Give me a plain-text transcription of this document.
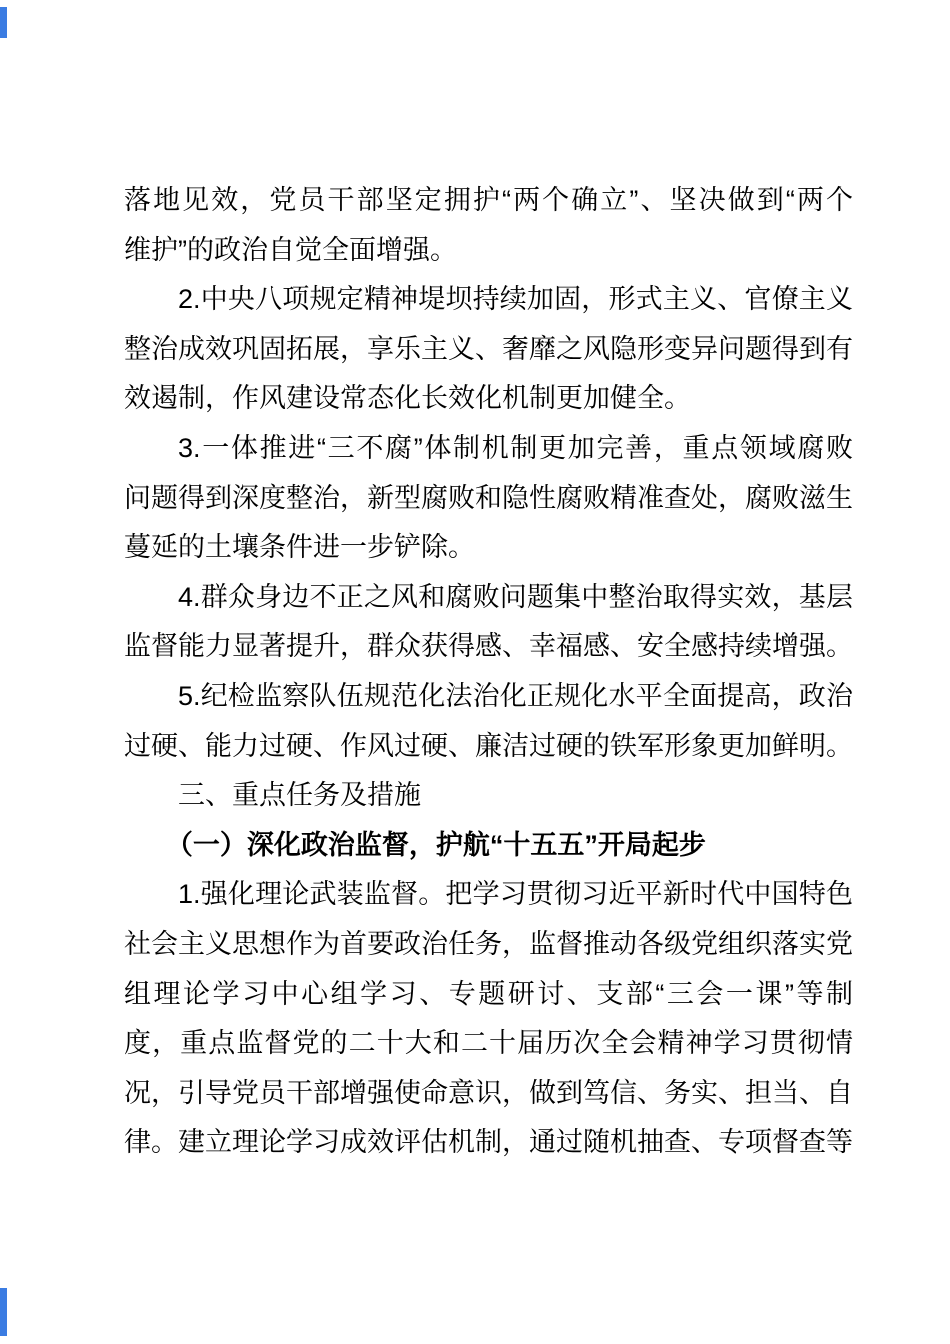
落地见效，党员干部坚定拥护“两个确立”、坚决做到“两个
维护”的政治自觉全面增强。
2.中央八项规定精神堤坝持续加固，形式主义、官僚主义
整治成效巩固拓展，享乐主义、奢靡之风隐形变异问题得到有
效遏制，作风建设常态化长效化机制更加健全。
3.一体推进“三不腐”体制机制更加完善，重点领域腐败
问题得到深度整治，新型腐败和隐性腐败精准查处，腐败滋生
蔓延的土壤条件进一步铲除。
4.群众身边不正之风和腐败问题集中整治取得实效，基层
监督能力显著提升，群众获得感、幸福感、安全感持续增强。
5.纪检监察队伍规范化法治化正规化水平全面提高，政治
过硬、能力过硬、作风过硬、廉洁过硬的铁军形象更加鲜明。
三、重点任务及措施
（一）深化政治监督，护航“十五五”开局起步
1.强化理论武装监督。把学习贯彻习近平新时代中国特色
社会主义思想作为首要政治任务，监督推动各级党组织落实党
组理论学习中心组学习、专题研讨、支部“三会一课”等制
度，重点监督党的二十大和二十届历次全会精神学习贯彻情
况，引导党员干部增强使命意识，做到笃信、务实、担当、自
律。建立理论学习成效评估机制，通过随机抽查、专项督查等
